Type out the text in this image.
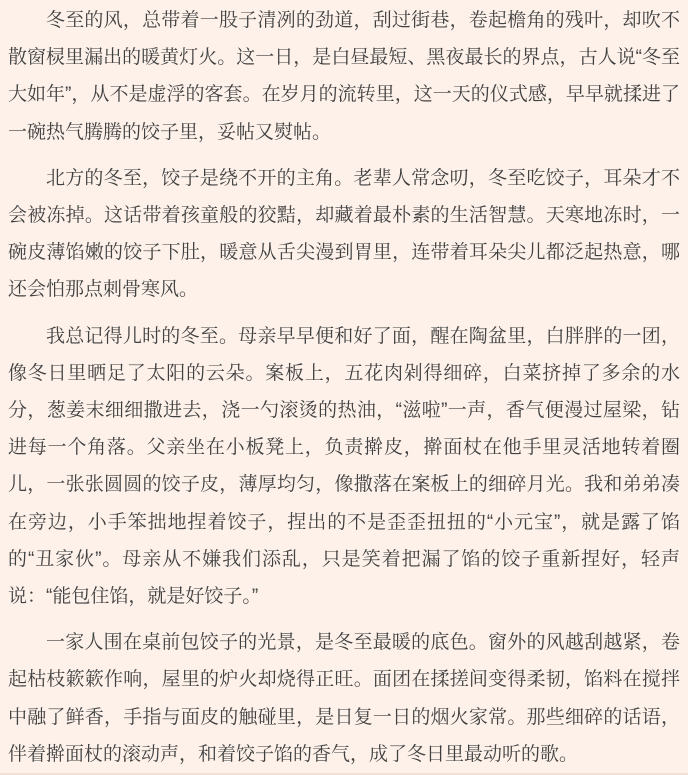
冬至的风，总带着一股子清冽的劲道，刮过街巷，卷起檐角的残叶，却吹不散窗棂里漏出的暖黄灯火。这一日，是白昼最短、黑夜最长的界点，古人说“冬至大如年”，从不是虚浮的客套。在岁月的流转里，这一天的仪式感，早早就揉进了一碗热气腾腾的饺子里，妥帖又熨帖。

北方的冬至，饺子是绕不开的主角。老辈人常念叨，冬至吃饺子，耳朵才不会被冻掉。这话带着孩童般的狡黠，却藏着最朴素的生活智慧。天寒地冻时，一碗皮薄馅嫩的饺子下肚，暖意从舌尖漫到胃里，连带着耳朵尖儿都泛起热意，哪还会怕那点刺骨寒风。

我总记得儿时的冬至。母亲早早便和好了面，醒在陶盆里，白胖胖的一团，像冬日里晒足了太阳的云朵。案板上，五花肉剁得细碎，白菜挤掉了多余的水分，葱姜末细细撒进去，浇一勺滚烫的热油，“滋啦”一声，香气便漫过屋梁，钻进每一个角落。父亲坐在小板凳上，负责擀皮，擀面杖在他手里灵活地转着圈儿，一张张圆圆的饺子皮，薄厚均匀，像撒落在案板上的细碎月光。我和弟弟凑在旁边，小手笨拙地捏着饺子，捏出的不是歪歪扭扭的“小元宝”，就是露了馅的“丑家伙”。母亲从不嫌我们添乱，只是笑着把漏了馅的饺子重新捏好，轻声说：“能包住馅，就是好饺子。”

一家人围在桌前包饺子的光景，是冬至最暖的底色。窗外的风越刮越紧，卷起枯枝簌簌作响，屋里的炉火却烧得正旺。面团在揉搓间变得柔韧，馅料在搅拌中融了鲜香，手指与面皮的触碰里，是日复一日的烟火家常。那些细碎的话语，伴着擀面杖的滚动声，和着饺子馅的香气，成了冬日里最动听的歌。
